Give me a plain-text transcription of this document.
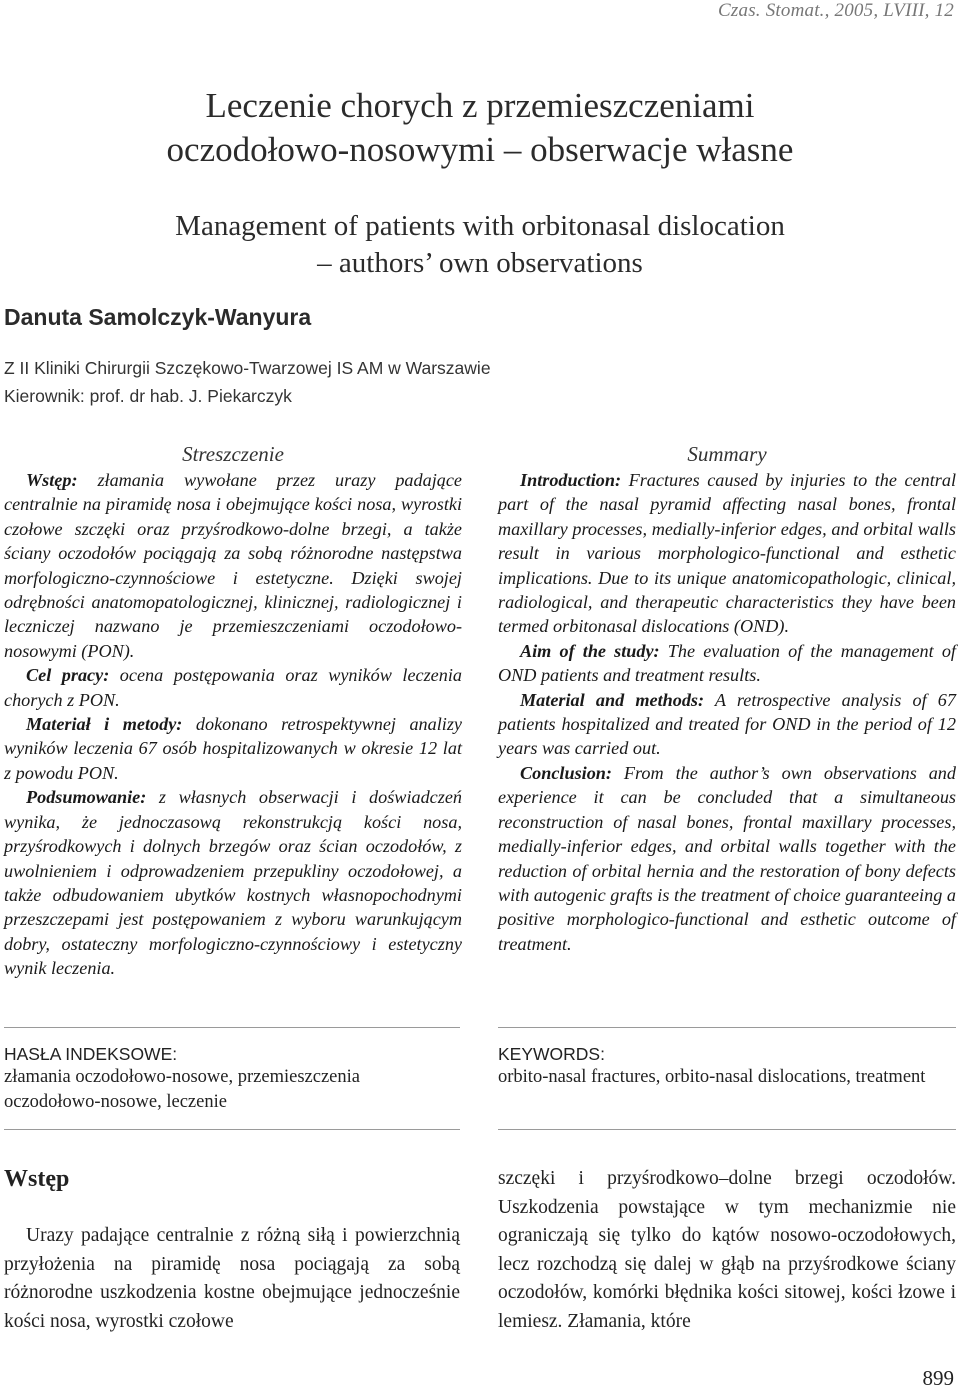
Czas. Stomat., 2005, LVIII, 12
Leczenie chorych z przemieszczeniami
oczodołowo-nosowymi – obserwacje własne
Management of patients with orbitonasal dislocation
– authors’ own observations
Danuta Samolczyk-Wanyura
Z II Kliniki Chirurgii Szczękowo-Twarzowej IS AM w Warszawie
Kierownik: prof. dr hab. J. Piekarczyk
Streszczenie

Wstęp: złamania wywołane przez urazy padające centralnie na piramidę nosa i obejmujące kości nosa, wyrostki czołowe szczęki oraz przyśrodkowo-dolne brzegi, a także ściany oczodołów pociągają za sobą różnorodne następstwa morfologiczno-czynnościowe i estetyczne. Dzięki swojej odrębności anatomopatologicznej, klinicznej, radiologicznej i leczniczej nazwano je przemieszczeniami oczodołowo-nosowymi (PON).

Cel pracy: ocena postępowania oraz wyników leczenia chorych z PON.

Materiał i metody: dokonano retrospektywnej analizy wyników leczenia 67 osób hospitalizowanych w okresie 12 lat z powodu PON.

Podsumowanie: z własnych obserwacji i doświadczeń wynika, że jednoczasową rekonstrukcją kości nosa, przyśrodkowych i dolnych brzegów oraz ścian oczodołów, z uwolnieniem i odprowadzeniem przepukliny oczodołowej, a także odbudowaniem ubytków kostnych własnopochodnymi przeszczepami jest postępowaniem z wyboru warunkującym dobry, ostateczny morfologiczno-czynnościowy i estetyczny wynik leczenia.

Summary

Introduction: Fractures caused by injuries to the central part of the nasal pyramid affecting nasal bones, frontal maxillary processes, medially-inferior edges, and orbital walls result in various morphologico-functional and esthetic implications. Due to its unique anatomicopathologic, clinical, radiological, and therapeutic characteristics they have been termed orbitonasal dislocations (OND).

Aim of the study: The evaluation of the management of OND patients and treatment results.

Material and methods: A retrospective analysis of 67 patients hospitalized and treated for OND in the period of 12 years was carried out.

Conclusion: From the author’s own observations and experience it can be concluded that a simultaneous reconstruction of nasal bones, frontal maxillary processes, medially-inferior edges, and orbital walls together with the reduction of orbital hernia and the restoration of bony defects with autogenic grafts is the treatment of choice guaranteeing a positive morphologico-functional and esthetic outcome of treatment.

HASŁA INDEKSOWE:
złamania oczodołowo-nosowe, przemieszczenia oczodołowo-nosowe, leczenie
KEYWORDS:
orbito-nasal fractures, orbito-nasal dislocations, treatment
Wstęp
Urazy padające centralnie z różną siłą i powierzchnią przyłożenia na piramidę nosa pociągają za sobą różnorodne uszkodzenia kostne obejmujące jednocześnie kości nosa, wyrostki czołowe
szczęki i przyśrodkowo–dolne brzegi oczodołów. Uszkodzenia powstające w tym mechanizmie nie ograniczają się tylko do kątów nosowo-oczodołowych, lecz rozchodzą się dalej w głąb na przyśrodkowe ściany oczodołów, komórki błędnika kości sitowej, kości łzowe i lemiesz. Złamania, które
899
